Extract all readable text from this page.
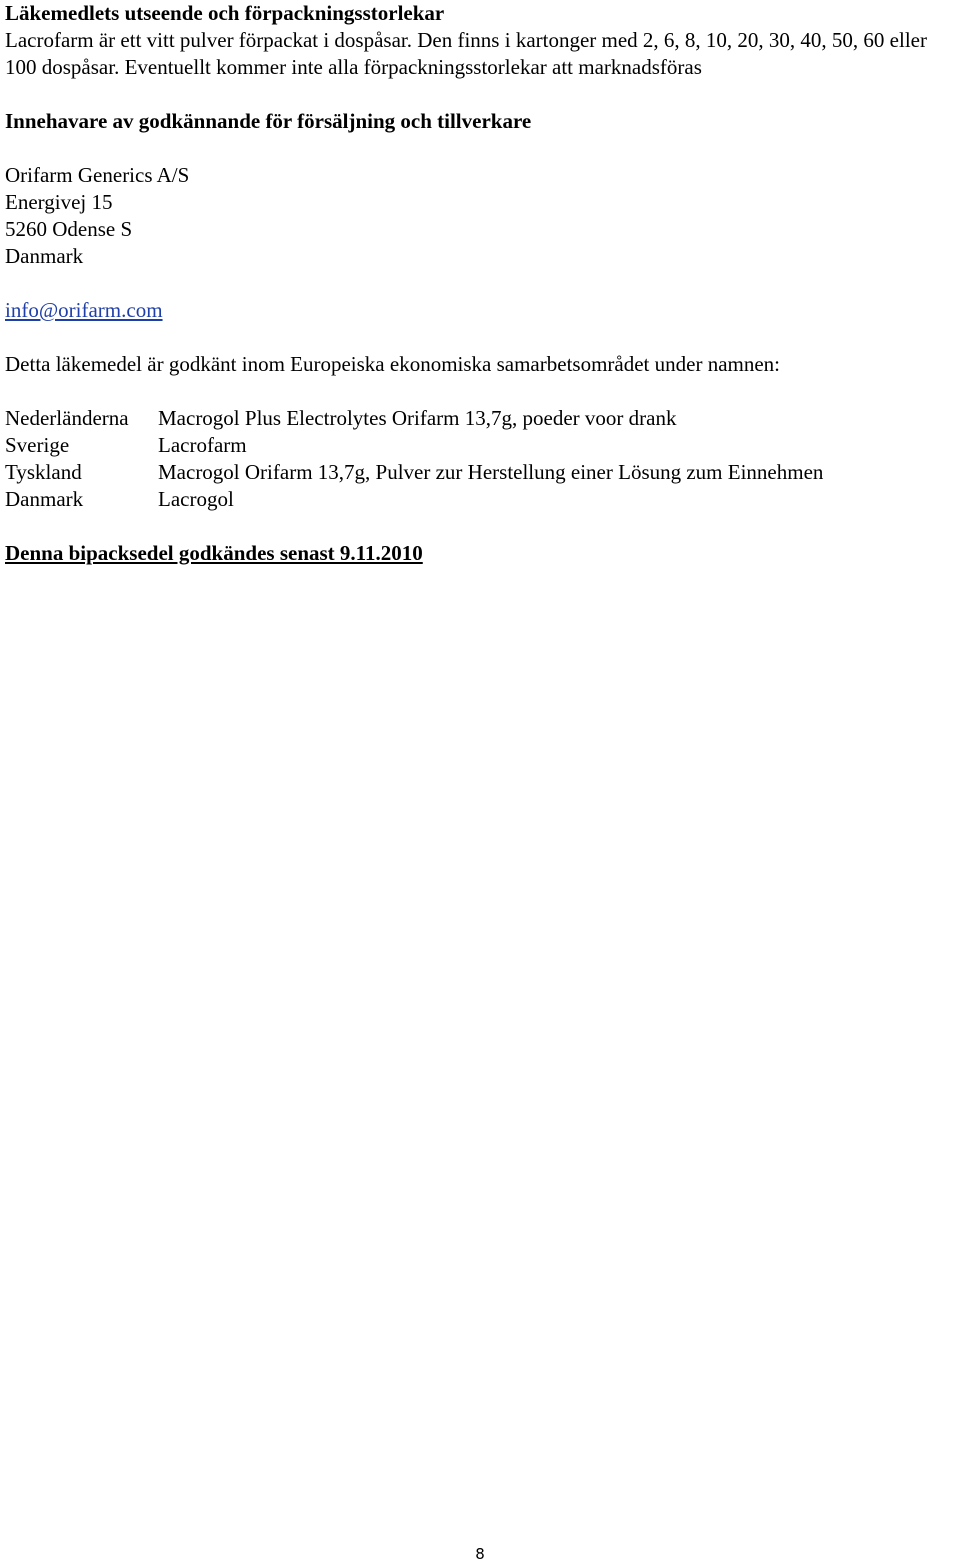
Läkemedlets utseende och förpackningsstorlekar

Lacrofarm är ett vitt pulver förpackat i dospåsar. Den finns i kartonger med 2, 6, 8, 10, 20, 30, 40, 50, 60 eller 100 dospåsar. Eventuellt kommer inte alla förpackningsstorlekar att marknadsföras

Innehavare av godkännande för försäljning och tillverkare

Orifarm Generics A/S
Energivej 15
5260 Odense S
Danmark
info@orifarm.com

Detta läkemedel är godkänt inom Europeiska ekonomiska samarbetsområdet under namnen:

Nederländerna	Macrogol Plus Electrolytes Orifarm 13,7g, poeder voor drank
Sverige	Lacrofarm
Tyskland	Macrogol Orifarm 13,7g, Pulver zur Herstellung einer Lösung zum Einnehmen
Danmark	Lacrogol

Denna bipacksedel godkändes senast 9.11.2010

8
